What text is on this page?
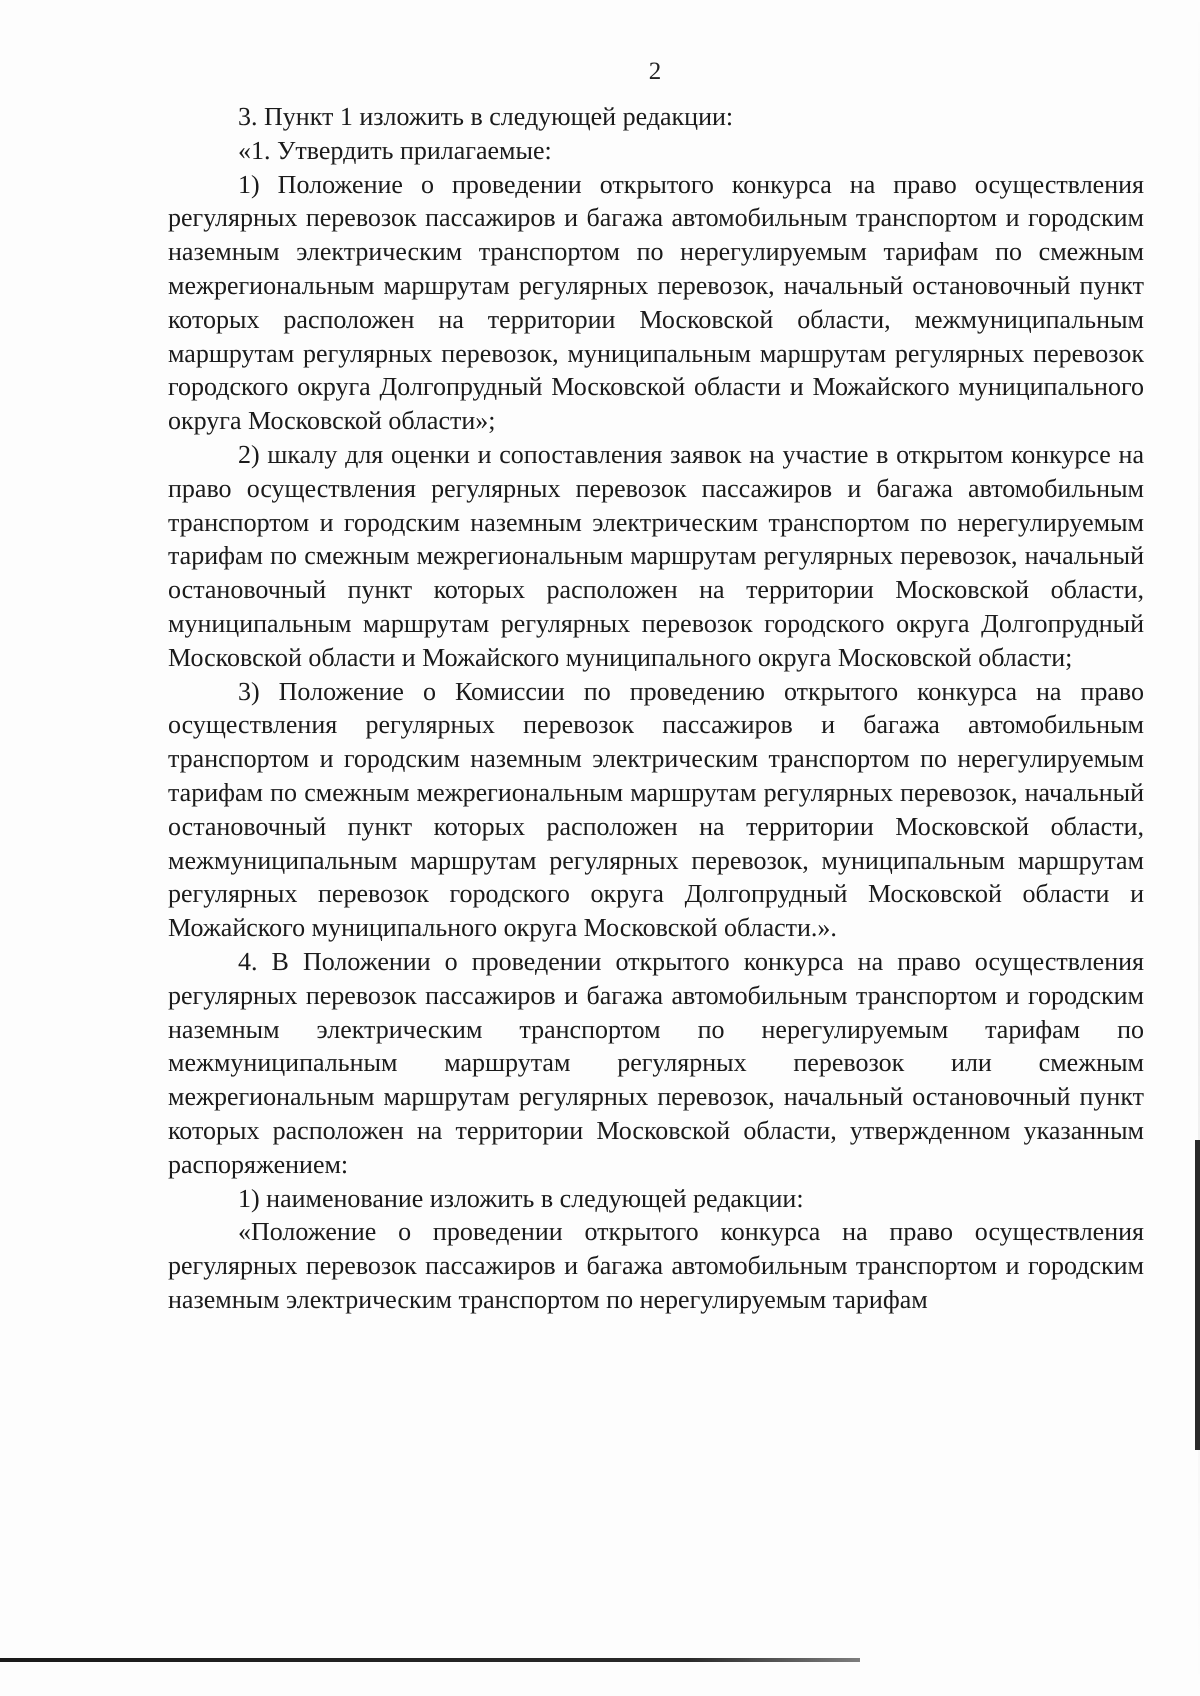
2

3. Пункт 1 изложить в следующей редакции:

«1. Утвердить прилагаемые:

1) Положение о проведении открытого конкурса на право осуществления регулярных перевозок пассажиров и багажа автомобильным транспортом и городским наземным электрическим транспортом по нерегулируемым тарифам по смежным межрегиональным маршрутам регулярных перевозок, начальный остановочный пункт которых расположен на территории Московской области, межмуниципальным маршрутам регулярных перевозок, муниципальным маршрутам регулярных перевозок городского округа Долгопрудный Московской области и Можайского муниципального округа Московской области»;

2) шкалу для оценки и сопоставления заявок на участие в открытом конкурсе на право осуществления регулярных перевозок пассажиров и багажа автомобильным транспортом и городским наземным электрическим транспортом по нерегулируемым тарифам по смежным межрегиональным маршрутам регулярных перевозок, начальный остановочный пункт которых расположен на территории Московской области, муниципальным маршрутам регулярных перевозок городского округа Долгопрудный Московской области и Можайского муниципального округа Московской области;

3) Положение о Комиссии по проведению открытого конкурса на право осуществления регулярных перевозок пассажиров и багажа автомобильным транспортом и городским наземным электрическим транспортом по нерегулируемым тарифам по смежным межрегиональным маршрутам регулярных перевозок, начальный остановочный пункт которых расположен на территории Московской области, межмуниципальным маршрутам регулярных перевозок, муниципальным маршрутам регулярных перевозок городского округа Долгопрудный Московской области и Можайского муниципального округа Московской области.».

4. В Положении о проведении открытого конкурса на право осуществления регулярных перевозок пассажиров и багажа автомобильным транспортом и городским наземным электрическим транспортом по нерегулируемым тарифам по межмуниципальным маршрутам регулярных перевозок или смежным межрегиональным маршрутам регулярных перевозок, начальный остановочный пункт которых расположен на территории Московской области, утвержденном указанным распоряжением:

1) наименование изложить в следующей редакции:

«Положение о проведении открытого конкурса на право осуществления регулярных перевозок пассажиров и багажа автомобильным транспортом и городским наземным электрическим транспортом по нерегулируемым тарифам
